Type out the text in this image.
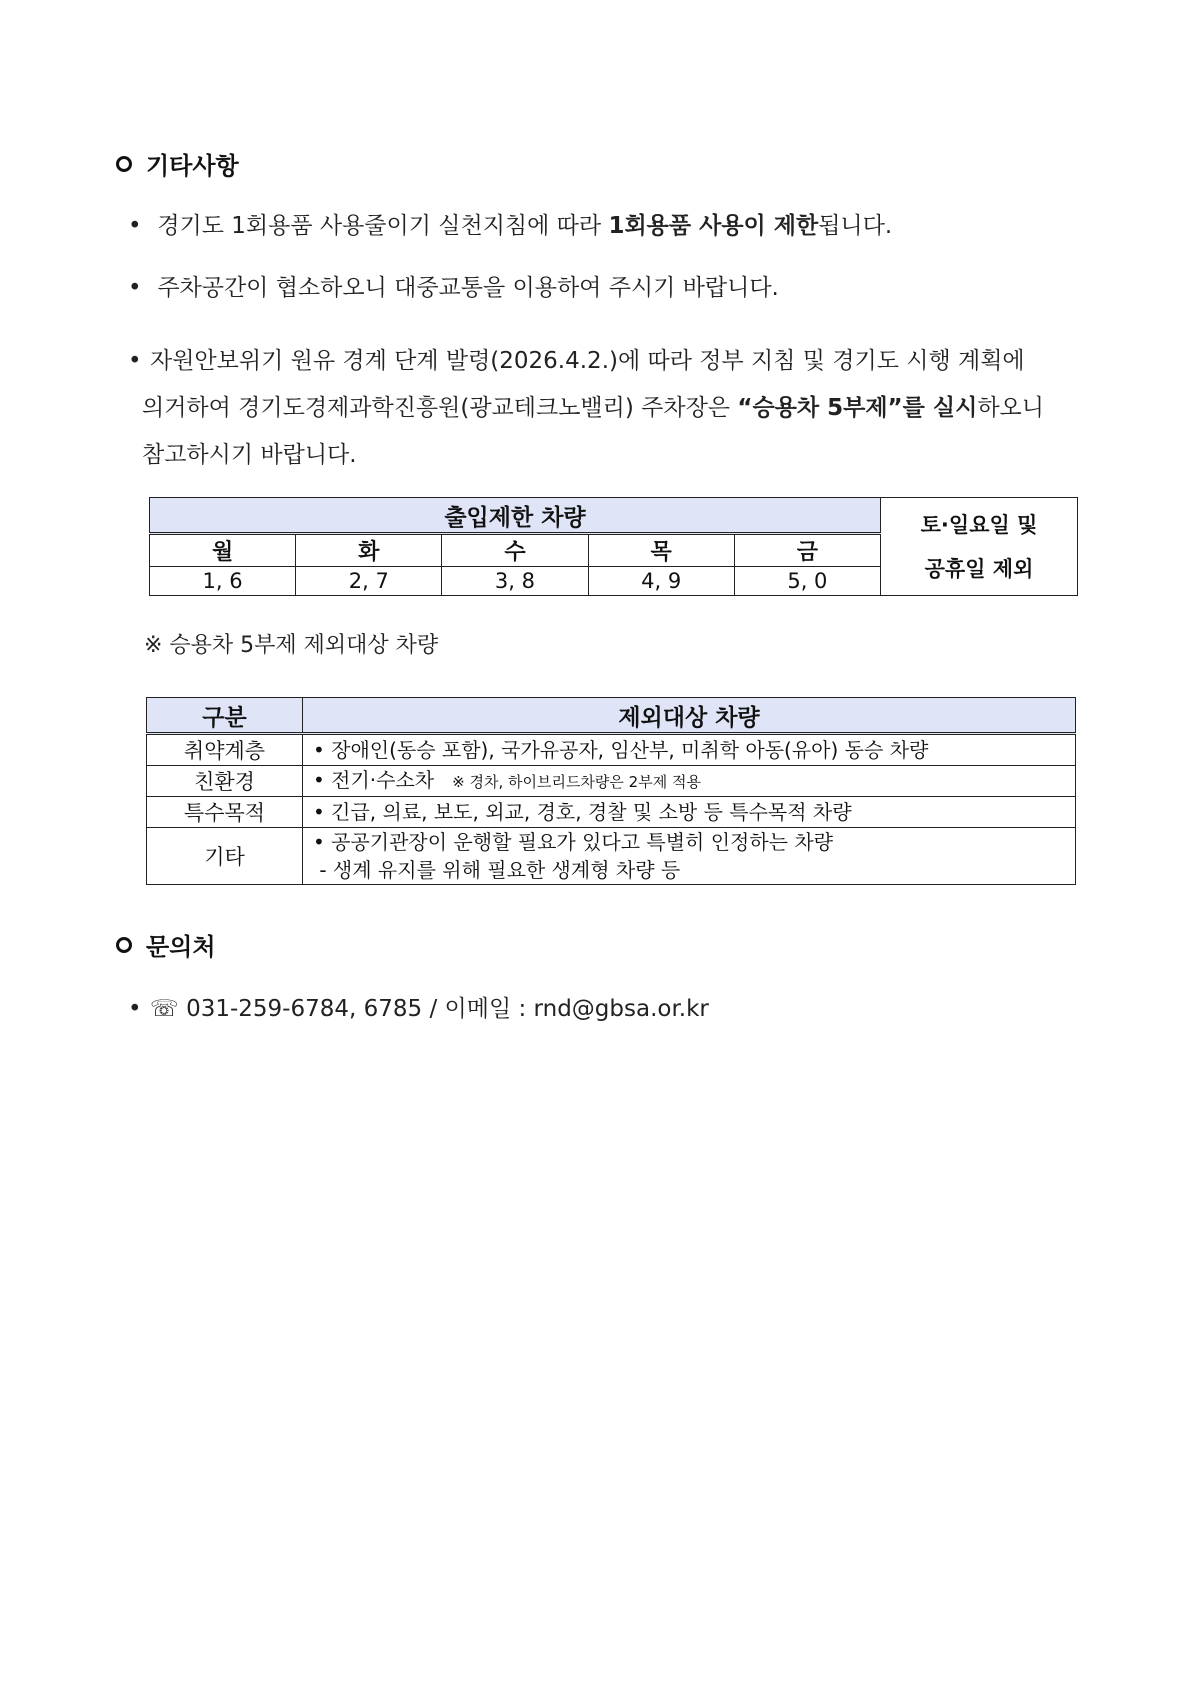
기타사항
• 경기도 1회용품 사용줄이기 실천지침에 따라 1회용품 사용이 제한됩니다.
• 주차공간이 협소하오니 대중교통을 이용하여 주시기 바랍니다.
• 자원안보위기 원유 경계 단계 발령(2026.4.2.)에 따라 정부 지침 및 경기도 시행 계획에
의거하여 경기도경제과학진흥원(광교테크노밸리) 주차장은 “승용차 5부제”를 실시하오니
참고하시기 바랍니다.
출입제한 차량					토·일요일 및
공휴일 제외

월	화	수	목	금	
1, 6	2, 7	3, 8	4, 9	5, 0	
※ 승용차 5부제 제외대상 차량
구분	제외대상 차량
취약계층	• 장애인(동승 포함), 국가유공자, 임산부, 미취학 아동(유아) 동승 차량
친환경	• 전기·수소차 ※ 경차, 하이브리드차량은 2부제 적용
특수목적	• 긴급, 의료, 보도, 외교, 경호, 경찰 및 소방 등 특수목적 차량
기타	• 공공기관장이 운행할 필요가 있다고 특별히 인정하는 차량
- 생계 유지를 위해 필요한 생계형 차량 등
문의처
• ☏ 031-259-6784, 6785 / 이메일 : rnd@gbsa.or.kr
